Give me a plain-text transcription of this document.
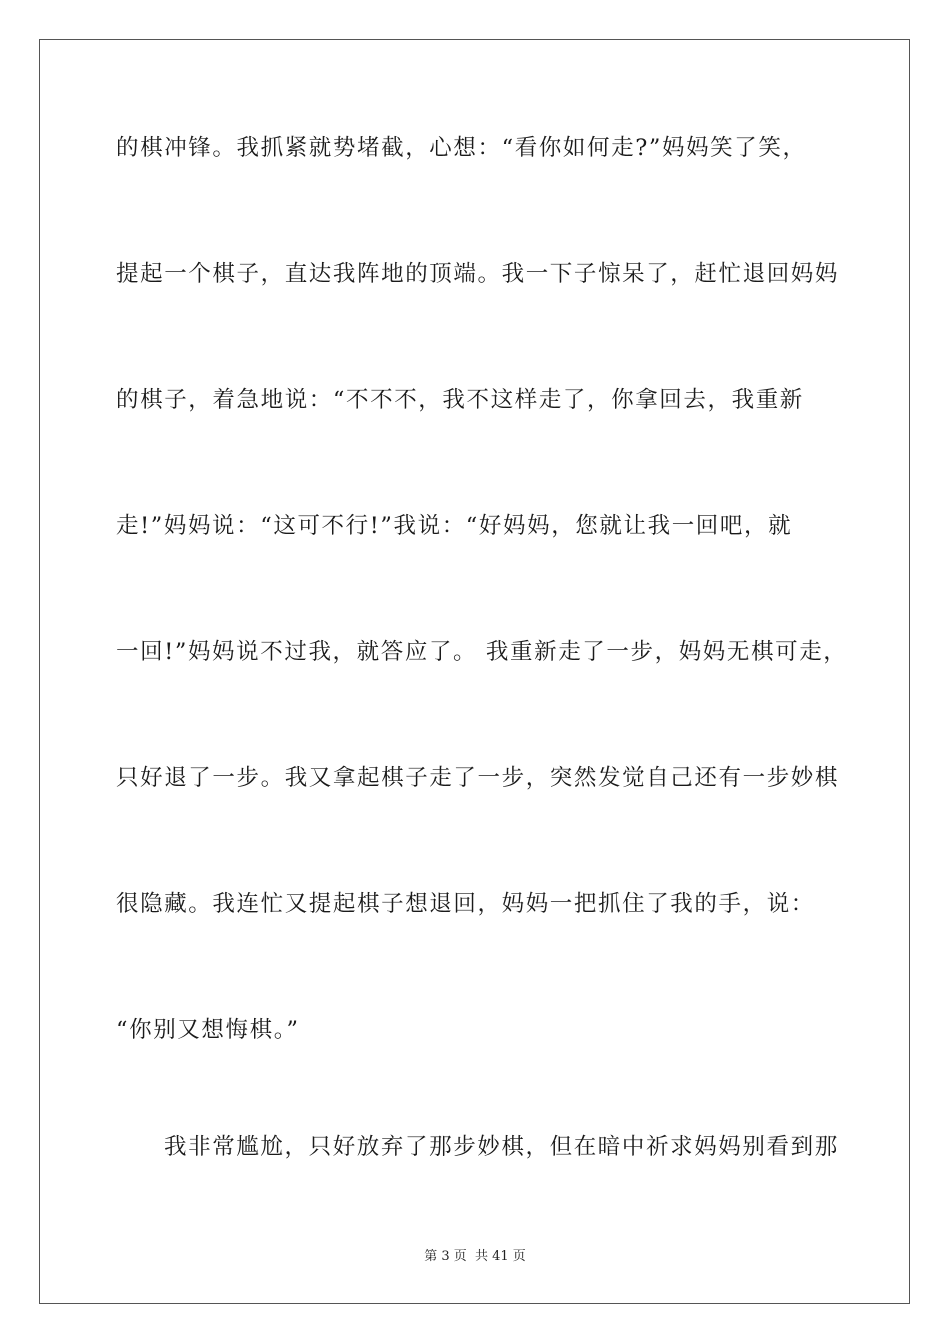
的棋冲锋。我抓紧就势堵截，心想：“看你如何走?”妈妈笑了笑，
提起一个棋子，直达我阵地的顶端。我一下子惊呆了，赶忙退回妈妈
的棋子，着急地说：“不不不，我不这样走了，你拿回去，我重新
走!”妈妈说：“这可不行!”我说：“好妈妈，您就让我一回吧，就
一回!”妈妈说不过我，就答应了。 我重新走了一步，妈妈无棋可走，
只好退了一步。我又拿起棋子走了一步，突然发觉自己还有一步妙棋
很隐藏。我连忙又提起棋子想退回，妈妈一把抓住了我的手，说：
“你别又想悔棋。”
我非常尴尬，只好放弃了那步妙棋，但在暗中祈求妈妈别看到那
第 3 页 共 41 页
